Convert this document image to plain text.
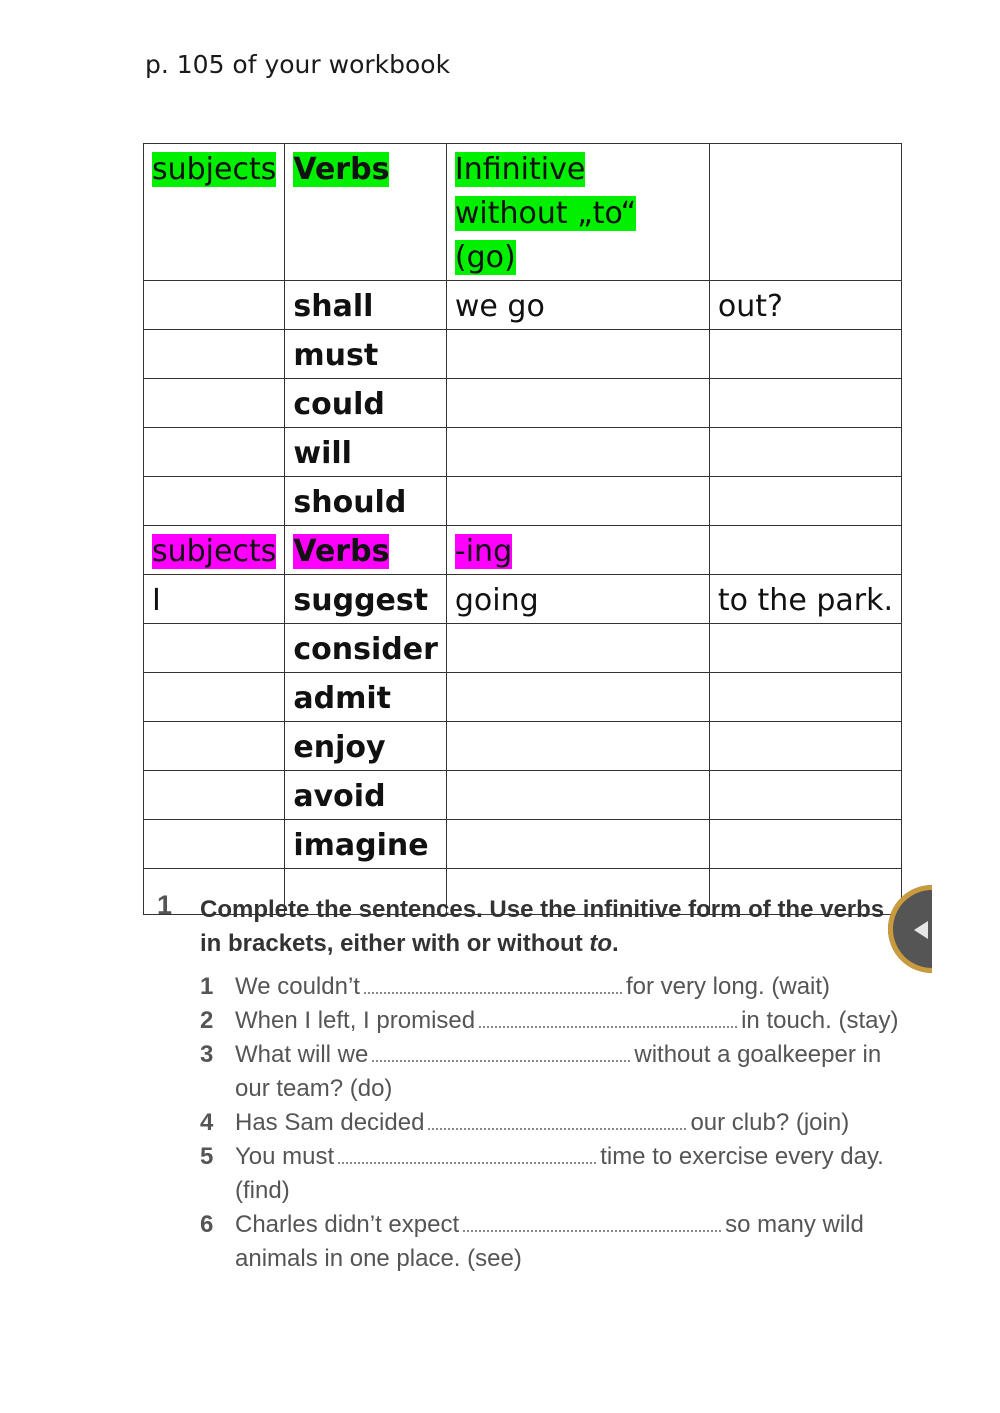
p. 105 of your workbook
subjects	Verbs	Infinitive without „to“ (go)	
	shall	we go	out?
	must		
	could		
	will		
	should		
subjects	Verbs	-ing	
I	suggest	going	to the park.
	consider		
	admit		
	enjoy		
	avoid		
	imagine		

1 Complete the sentences. Use the infinitive form of the verbs in brackets, either with or without to.
1 We couldn’t	for very long. (wait)
2 When I left, I promised	in touch. (stay)
3 What will we	without a goalkeeper in our team? (do)
4 Has Sam decided	our club? (join)
5 You must	time to exercise every day. (find)
6 Charles didn’t expect	so many wild animals in one place. (see)
